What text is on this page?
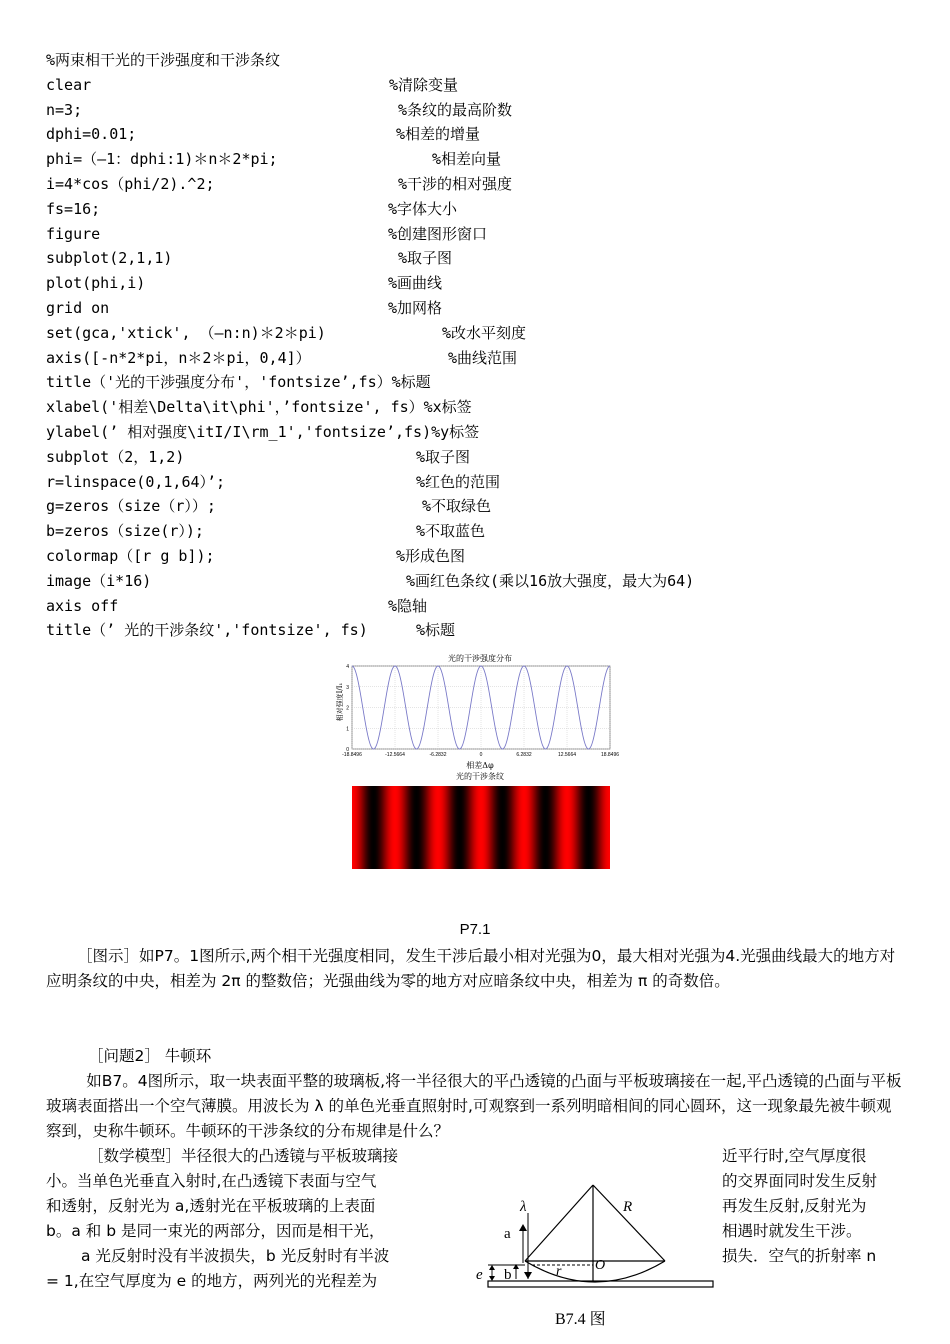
%两束相干光的干涉强度和干涉条纹
clear	%清除变量
n=3;	%条纹的最高阶数
dphi=0.01;	%相差的增量
phi=（—1：dphi:1)＊n＊2*pi;	%相差向量
i=4*cos（phi/2).^2;	%干涉的相对强度
fs=16;	%字体大小
figure	%创建图形窗口
subplot(2,1,1)	%取子图
plot(phi,i)	%画曲线
grid on	%加网格
set(gca,'xtick', （—n:n)＊2＊pi)	%改水平刻度
axis([-n*2*pi，n＊2＊pi，0,4]）	%曲线范围
title（'光的干涉强度分布'，'fontsize’,fs）%标题
xlabel('相差\Delta\it\phi'，’fontsize', fs）%x标签
ylabel(’ 相对强度\itI/I\rm_1','fontsize’,fs)%y标签
subplot（2，1,2)	%取子图
r=linspace(0,1,64）’;	%红色的范围
g=zeros（size（r））;	%不取绿色
b=zeros（size(r）);	%不取蓝色
colormap（[r g b]);	%形成色图
image（i*16)	%画红色条纹(乘以16放大强度，最大为64)
axis off	%隐轴
title（’ 光的干涉条纹','fontsize', fs)	%标题
光的干涉强度分布
-18.8496	-12.5664	-6.2832	0	6.2832	12.5664	18.8496
0
1
2
3
4
相对强度I/I₁
相差Δφ
光的干涉条纹
P7.1
［图示］如P7。1图所示,两个相干光强度相同，发生干涉后最小相对光强为0，最大相对光强为4.光强曲线最大的地方对应明条纹的中央，相差为 2π 的整数倍；光强曲线为零的地方对应暗条纹中央，相差为 π 的奇数倍。
［问题2］ 牛顿环
如B7。4图所示，取一块表面平整的玻璃板,将一半径很大的平凸透镜的凸面与平板玻璃接在一起,平凸透镜的凸面与平板玻璃表面搭出一个空气薄膜。用波长为 λ 的单色光垂直照射时,可观察到一系列明暗相间的同心圆环，这一现象最先被牛顿观察到，史称牛顿环。牛顿环的干涉条纹的分布规律是什么？
［数学模型］半径很大的凸透镜与平板玻璃接
小。当单色光垂直入射时,在凸透镜下表面与空气
和透射，反射光为 a,透射光在平板玻璃的上表面
b。a 和 b 是同一束光的两部分，因而是相干光，
a 光反射时没有半波损失，b 光反射时有半波
= 1,在空气厚度为 e 的地方，两列光的光程差为
近平行时,空气厚度很
的交界面同时发生反射
再发生反射,反射光为
相遇时就发生干涉。
损失．空气的折射率 n
λ	R
a
b
e	r O
B7.4 图
